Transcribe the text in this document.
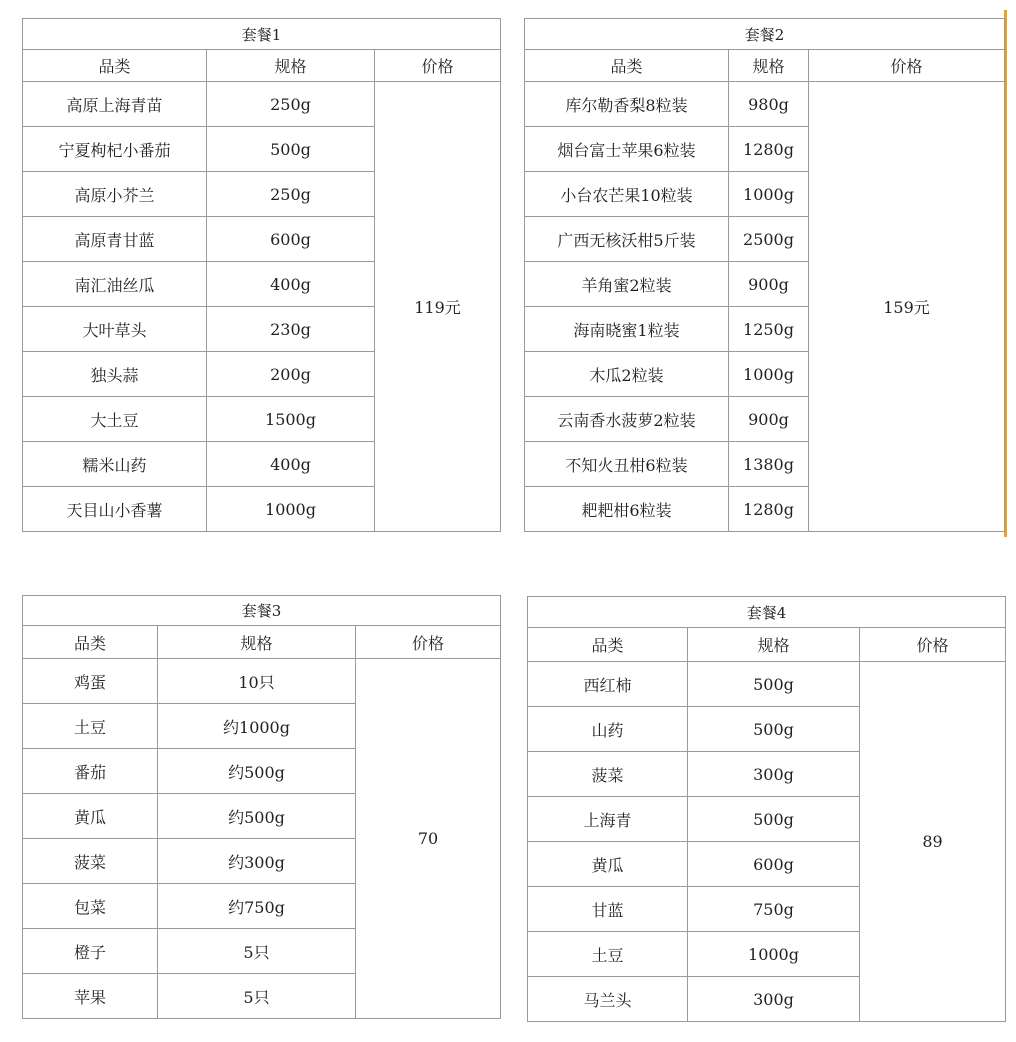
套餐1		
品类	规格	价格
高原上海青苗	250g	119元
宁夏枸杞小番茄	500g	
高原小芥兰	250g	
高原青甘蓝	600g	
南汇油丝瓜	400g	
大叶草头	230g	
独头蒜	200g	
大土豆	1500g	
糯米山药	400g	
天目山小香薯	1000g	
套餐2		
品类	规格	价格
库尔勒香梨8粒装	980g	159元
烟台富士苹果6粒装	1280g	
小台农芒果10粒装	1000g	
广西无核沃柑5斤装	2500g	
羊角蜜2粒装	900g	
海南晓蜜1粒装	1250g	
木瓜2粒装	1000g	
云南香水菠萝2粒装	900g	
不知火丑柑6粒装	1380g	
耙耙柑6粒装	1280g	
套餐3		
品类	规格	价格
鸡蛋	10只	70
土豆	约1000g	
番茄	约500g	
黄瓜	约500g	
菠菜	约300g	
包菜	约750g	
橙子	5只	
苹果	5只	
套餐4		
品类	规格	价格
西红柿	500g	89
山药	500g	
菠菜	300g	
上海青	500g	
黄瓜	600g	
甘蓝	750g	
土豆	1000g	
马兰头	300g	
